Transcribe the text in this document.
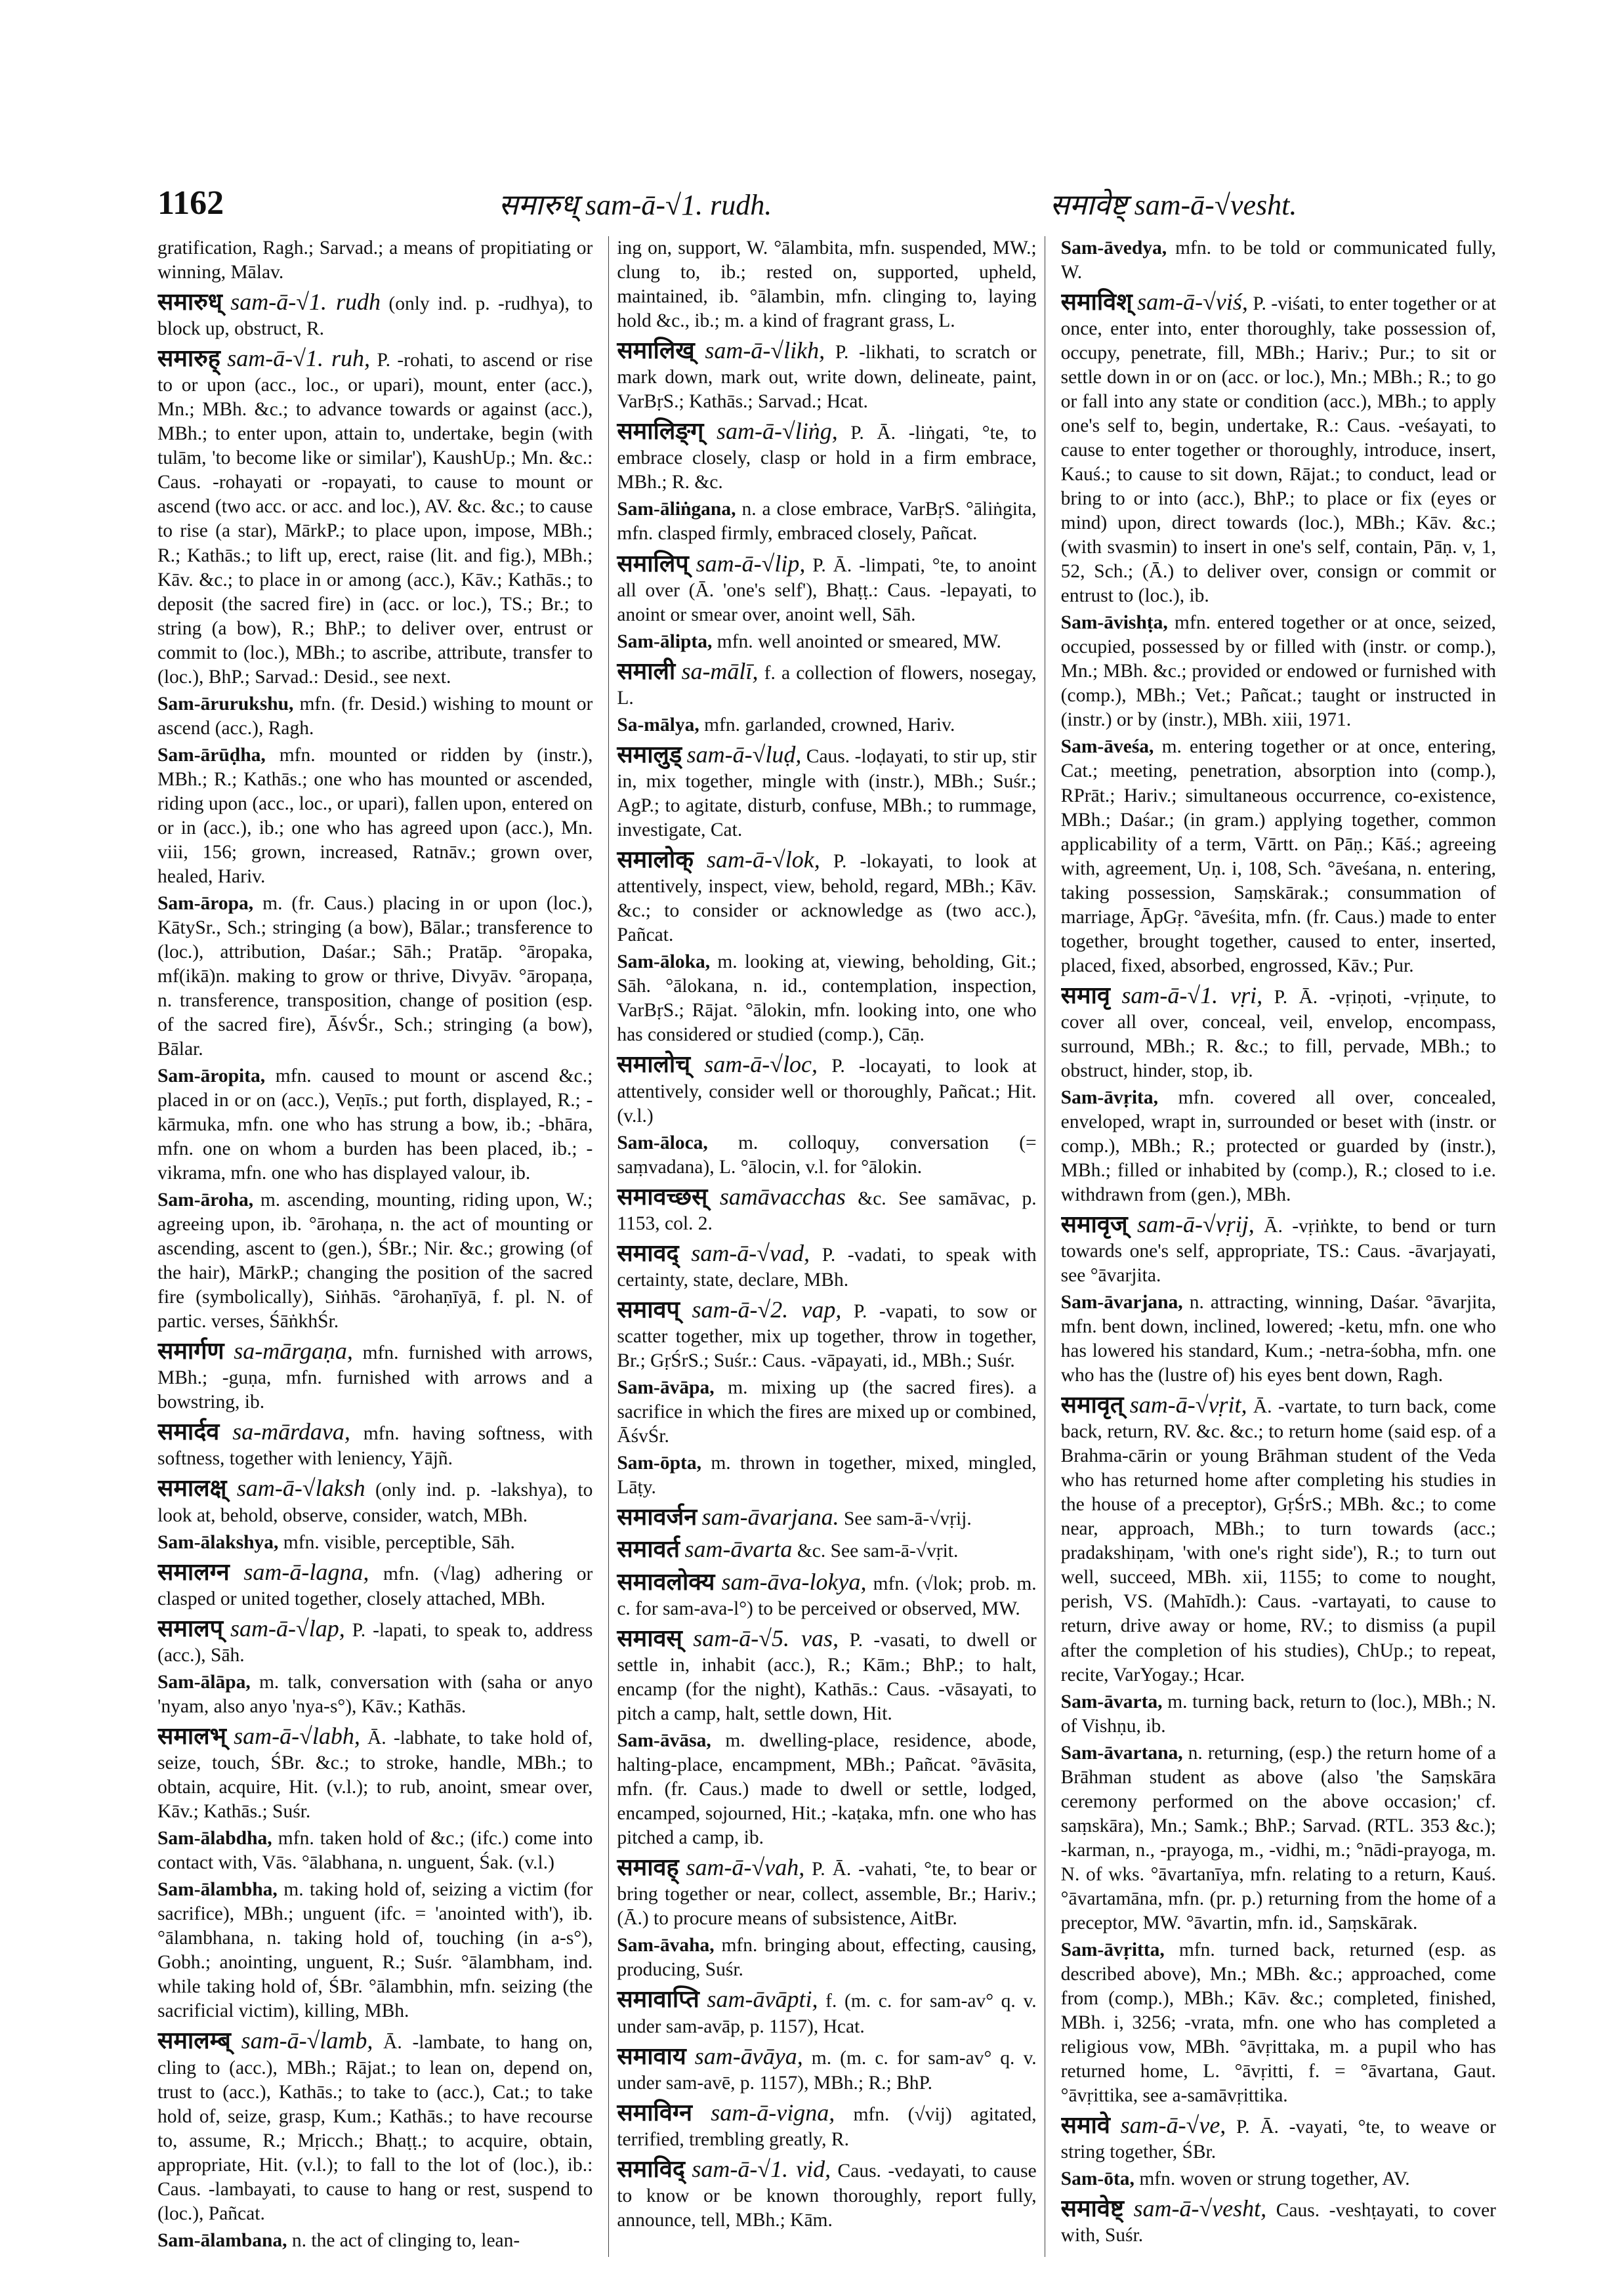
1162	समारुध् sam-ā-√1. rudh.	समावेष्ट् sam-ā-√vesht.

gratification, Ragh.; Sarvad.; a means of propitiating or winning, Mālav.

समारुध् sam-ā-√1. rudh (only ind. p. -rudhya), to block up, obstruct, R.

समारुह् sam-ā-√1. ruh, P. -rohati, to ascend or rise to or upon (acc., loc., or upari), mount, enter (acc.), Mn.; MBh. &c.; to advance towards or against (acc.), MBh.; to enter upon, attain to, undertake, begin (with tulām, 'to become like or similar'), KaushUp.; Mn. &c.: Caus. -rohayati or -ropayati, to cause to mount or ascend (two acc. or acc. and loc.), AV. &c. &c.; to cause to rise (a star), MārkP.; to place upon, impose, MBh.; R.; Kathās.; to lift up, erect, raise (lit. and fig.), MBh.; Kāv. &c.; to place in or among (acc.), Kāv.; Kathās.; to deposit (the sacred fire) in (acc. or loc.), TS.; Br.; to string (a bow), R.; BhP.; to deliver over, entrust or commit to (loc.), MBh.; to ascribe, attribute, transfer to (loc.), BhP.; Sarvad.: Desid., see next.

Sam-ārurukshu, mfn. (fr. Desid.) wishing to mount or ascend (acc.), Ragh.

Sam-ārūḍha, mfn. mounted or ridden by (instr.), MBh.; R.; Kathās.; one who has mounted or ascended, riding upon (acc., loc., or upari), fallen upon, entered on or in (acc.), ib.; one who has agreed upon (acc.), Mn. viii, 156; grown, increased, Ratnāv.; grown over, healed, Hariv.

Sam-āropa, m. (fr. Caus.) placing in or upon (loc.), KātySr., Sch.; stringing (a bow), Bālar.; transference to (loc.), attribution, Daśar.; Sāh.; Pratāp. °āropaka, mf(ikā)n. making to grow or thrive, Divyāv. °āropaṇa, n. transference, transposition, change of position (esp. of the sacred fire), ĀśvŚr., Sch.; stringing (a bow), Bālar.

Sam-āropita, mfn. caused to mount or ascend &c.; placed in or on (acc.), Veṇīs.; put forth, displayed, R.; -kārmuka, mfn. one who has strung a bow, ib.; -bhāra, mfn. one on whom a burden has been placed, ib.; -vikrama, mfn. one who has displayed valour, ib.

Sam-āroha, m. ascending, mounting, riding upon, W.; agreeing upon, ib. °ārohaṇa, n. the act of mounting or ascending, ascent to (gen.), ŚBr.; Nir. &c.; growing (of the hair), MārkP.; changing the position of the sacred fire (symbolically), Siṅhās. °ārohaṇīyā, f. pl. N. of partic. verses, ŚāṅkhŚr.

समार्गण sa-mārgaṇa, mfn. furnished with arrows, MBh.; -guṇa, mfn. furnished with arrows and a bowstring, ib.

समार्दव sa-mārdava, mfn. having softness, with softness, together with leniency, Yājñ.

समालक्ष् sam-ā-√laksh (only ind. p. -lakshya), to look at, behold, observe, consider, watch, MBh.

Sam-ālakshya, mfn. visible, perceptible, Sāh.

समालग्न sam-ā-lagna, mfn. (√lag) adhering or clasped or united together, closely attached, MBh.

समालप् sam-ā-√lap, P. -lapati, to speak to, address (acc.), Sāh.

Sam-ālāpa, m. talk, conversation with (saha or anyo 'nyam, also anyo 'nya-s°), Kāv.; Kathās.

समालभ् sam-ā-√labh, Ā. -labhate, to take hold of, seize, touch, ŚBr. &c.; to stroke, handle, MBh.; to obtain, acquire, Hit. (v.l.); to rub, anoint, smear over, Kāv.; Kathās.; Suśr.

Sam-ālabdha, mfn. taken hold of &c.; (ifc.) come into contact with, Vās. °ālabhana, n. unguent, Śak. (v.l.)

Sam-ālambha, m. taking hold of, seizing a victim (for sacrifice), MBh.; unguent (ifc. = 'anointed with'), ib. °ālambhana, n. taking hold of, touching (in a-s°), Gobh.; anointing, unguent, R.; Suśr. °ālambham, ind. while taking hold of, ŚBr. °ālambhin, mfn. seizing (the sacrificial victim), killing, MBh.

समालम्ब् sam-ā-√lamb, Ā. -lambate, to hang on, cling to (acc.), MBh.; Rājat.; to lean on, depend on, trust to (acc.), Kathās.; to take to (acc.), Cat.; to take hold of, seize, grasp, Kum.; Kathās.; to have recourse to, assume, R.; Mṛicch.; Bhaṭṭ.; to acquire, obtain, appropriate, Hit. (v.l.); to fall to the lot of (loc.), ib.: Caus. -lambayati, to cause to hang or rest, suspend to (loc.), Pañcat.

Sam-ālambana, n. the act of clinging to, lean-

ing on, support, W. °ālambita, mfn. suspended, MW.; clung to, ib.; rested on, supported, upheld, maintained, ib. °ālambin, mfn. clinging to, laying hold &c., ib.; m. a kind of fragrant grass, L.

समालिख् sam-ā-√likh, P. -likhati, to scratch or mark down, mark out, write down, delineate, paint, VarBṛS.; Kathās.; Sarvad.; Hcat.

समालिङ्ग् sam-ā-√liṅg, P. Ā. -liṅgati, °te, to embrace closely, clasp or hold in a firm embrace, MBh.; R. &c.

Sam-āliṅgana, n. a close embrace, VarBṛS. °āliṅgita, mfn. clasped firmly, embraced closely, Pañcat.

समालिप् sam-ā-√lip, P. Ā. -limpati, °te, to anoint all over (Ā. 'one's self'), Bhaṭṭ.: Caus. -lepayati, to anoint or smear over, anoint well, Sāh.

Sam-ālipta, mfn. well anointed or smeared, MW.

समाली sa-mālī, f. a collection of flowers, nosegay, L.

Sa-mālya, mfn. garlanded, crowned, Hariv.

समालुड् sam-ā-√luḍ, Caus. -loḍayati, to stir up, stir in, mix together, mingle with (instr.), MBh.; Suśr.; AgP.; to agitate, disturb, confuse, MBh.; to rummage, investigate, Cat.

समालोक् sam-ā-√lok, P. -lokayati, to look at attentively, inspect, view, behold, regard, MBh.; Kāv. &c.; to consider or acknowledge as (two acc.), Pañcat.

Sam-āloka, m. looking at, viewing, beholding, Git.; Sāh. °ālokana, n. id., contemplation, inspection, VarBṛS.; Rājat. °ālokin, mfn. looking into, one who has considered or studied (comp.), Cāṇ.

समालोच् sam-ā-√loc, P. -locayati, to look at attentively, consider well or thoroughly, Pañcat.; Hit. (v.l.)

Sam-āloca, m. colloquy, conversation (= saṃvadana), L. °ālocin, v.l. for °ālokin.

समावच्छस् samāvacchas &c. See samāvac, p. 1153, col. 2.

समावद् sam-ā-√vad, P. -vadati, to speak with certainty, state, declare, MBh.

समावप् sam-ā-√2. vap, P. -vapati, to sow or scatter together, mix up together, throw in together, Br.; GṛŚrS.; Suśr.: Caus. -vāpayati, id., MBh.; Suśr.

Sam-āvāpa, m. mixing up (the sacred fires). a sacrifice in which the fires are mixed up or combined, ĀśvŚr.

Sam-ōpta, m. thrown in together, mixed, mingled, Lāṭy.

समावर्जन sam-āvarjana. See sam-ā-√vṛij.

समावर्त sam-āvarta &c. See sam-ā-√vṛit.

समावलोक्य sam-āva-lokya, mfn. (√lok; prob. m. c. for sam-ava-l°) to be perceived or observed, MW.

समावस् sam-ā-√5. vas, P. -vasati, to dwell or settle in, inhabit (acc.), R.; Kām.; BhP.; to halt, encamp (for the night), Kathās.: Caus. -vāsayati, to pitch a camp, halt, settle down, Hit.

Sam-āvāsa, m. dwelling-place, residence, abode, halting-place, encampment, MBh.; Pañcat. °āvāsita, mfn. (fr. Caus.) made to dwell or settle, lodged, encamped, sojourned, Hit.; -kaṭaka, mfn. one who has pitched a camp, ib.

समावह् sam-ā-√vah, P. Ā. -vahati, °te, to bear or bring together or near, collect, assemble, Br.; Hariv.; (Ā.) to procure means of subsistence, AitBr.

Sam-āvaha, mfn. bringing about, effecting, causing, producing, Suśr.

समावाप्ति sam-āvāpti, f. (m. c. for sam-av° q. v. under sam-avāp, p. 1157), Hcat.

समावाय sam-āvāya, m. (m. c. for sam-av° q. v. under sam-avē, p. 1157), MBh.; R.; BhP.

समाविग्न sam-ā-vigna, mfn. (√vij) agitated, terrified, trembling greatly, R.

समाविद् sam-ā-√1. vid, Caus. -vedayati, to cause to know or be known thoroughly, report fully, announce, tell, MBh.; Kām.

Sam-āvedya, mfn. to be told or communicated fully, W.

समाविश् sam-ā-√viś, P. -viśati, to enter together or at once, enter into, enter thoroughly, take possession of, occupy, penetrate, fill, MBh.; Hariv.; Pur.; to sit or settle down in or on (acc. or loc.), Mn.; MBh.; R.; to go or fall into any state or condition (acc.), MBh.; to apply one's self to, begin, undertake, R.: Caus. -veśayati, to cause to enter together or thoroughly, introduce, insert, Kauś.; to cause to sit down, Rājat.; to conduct, lead or bring to or into (acc.), BhP.; to place or fix (eyes or mind) upon, direct towards (loc.), MBh.; Kāv. &c.; (with svasmin) to insert in one's self, contain, Pāṇ. v, 1, 52, Sch.; (Ā.) to deliver over, consign or commit or entrust to (loc.), ib.

Sam-āvishṭa, mfn. entered together or at once, seized, occupied, possessed by or filled with (instr. or comp.), Mn.; MBh. &c.; provided or endowed or furnished with (comp.), MBh.; Vet.; Pañcat.; taught or instructed in (instr.) or by (instr.), MBh. xiii, 1971.

Sam-āveśa, m. entering together or at once, entering, Cat.; meeting, penetration, absorption into (comp.), RPrāt.; Hariv.; simultaneous occurrence, co-existence, MBh.; Daśar.; (in gram.) applying together, common applicability of a term, Vārtt. on Pāṇ.; Kāś.; agreeing with, agreement, Uṇ. i, 108, Sch. °āveśana, n. entering, taking possession, Saṃskārak.; consummation of marriage, ĀpGṛ. °āveśita, mfn. (fr. Caus.) made to enter together, brought together, caused to enter, inserted, placed, fixed, absorbed, engrossed, Kāv.; Pur.

समावृ sam-ā-√1. vṛi, P. Ā. -vṛiṇoti, -vṛiṇute, to cover all over, conceal, veil, envelop, encompass, surround, MBh.; R. &c.; to fill, pervade, MBh.; to obstruct, hinder, stop, ib.

Sam-āvṛita, mfn. covered all over, concealed, enveloped, wrapt in, surrounded or beset with (instr. or comp.), MBh.; R.; protected or guarded by (instr.), MBh.; filled or inhabited by (comp.), R.; closed to i.e. withdrawn from (gen.), MBh.

समावृज् sam-ā-√vṛij, Ā. -vṛiṅkte, to bend or turn towards one's self, appropriate, TS.: Caus. -āvarjayati, see °āvarjita.

Sam-āvarjana, n. attracting, winning, Daśar. °āvarjita, mfn. bent down, inclined, lowered; -ketu, mfn. one who has lowered his standard, Kum.; -netra-śobha, mfn. one who has the (lustre of) his eyes bent down, Ragh.

समावृत् sam-ā-√vṛit, Ā. -vartate, to turn back, come back, return, RV. &c. &c.; to return home (said esp. of a Brahma-cārin or young Brāhman student of the Veda who has returned home after completing his studies in the house of a preceptor), GṛŚrS.; MBh. &c.; to come near, approach, MBh.; to turn towards (acc.; pradakshiṇam, 'with one's right side'), R.; to turn out well, succeed, MBh. xii, 1155; to come to nought, perish, VS. (Mahīdh.): Caus. -vartayati, to cause to return, drive away or home, RV.; to dismiss (a pupil after the completion of his studies), ChUp.; to repeat, recite, VarYogay.; Hcar.

Sam-āvarta, m. turning back, return to (loc.), MBh.; N. of Vishṇu, ib.

Sam-āvartana, n. returning, (esp.) the return home of a Brāhman student as above (also 'the Saṃskāra ceremony performed on the above occasion;' cf. saṃskāra), Mn.; Samk.; BhP.; Sarvad. (RTL. 353 &c.); -karman, n., -prayoga, m., -vidhi, m.; °nādi-prayoga, m. N. of wks. °āvartanīya, mfn. relating to a return, Kauś. °āvartamāna, mfn. (pr. p.) returning from the home of a preceptor, MW. °āvartin, mfn. id., Saṃskārak.

Sam-āvṛitta, mfn. turned back, returned (esp. as described above), Mn.; MBh. &c.; approached, come from (comp.), MBh.; Kāv. &c.; completed, finished, MBh. i, 3256; -vrata, mfn. one who has completed a religious vow, MBh. °āvṛittaka, m. a pupil who has returned home, L. °āvṛitti, f. = °āvartana, Gaut. °āvṛittika, see a-samāvṛittika.

समावे sam-ā-√ve, P. Ā. -vayati, °te, to weave or string together, ŚBr.

Sam-ōta, mfn. woven or strung together, AV.

समावेष्ट् sam-ā-√vesht, Caus. -veshṭayati, to cover with, Suśr.
